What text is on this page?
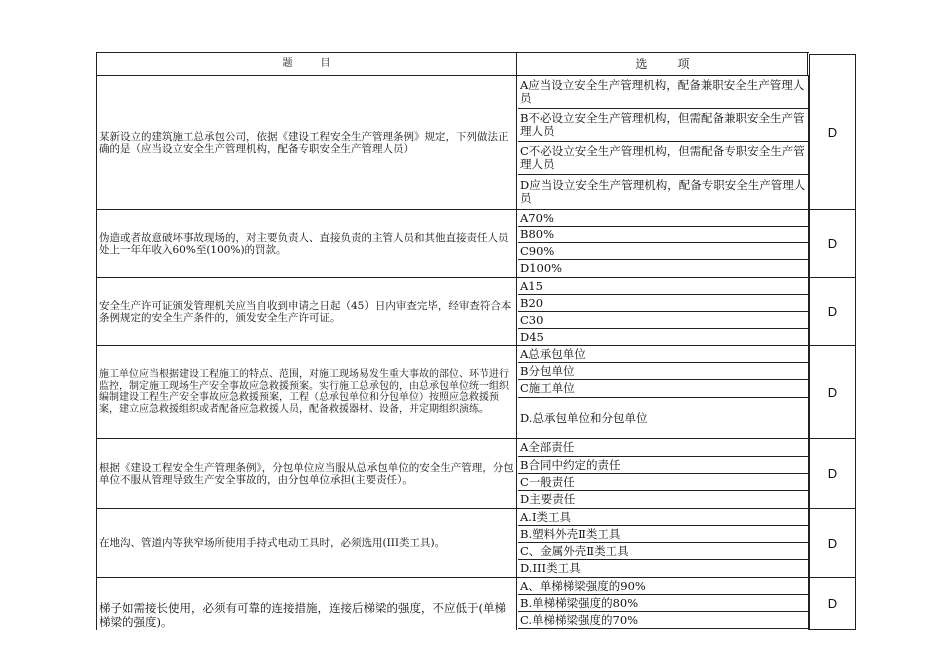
题目	选项
某新设立的建筑施工总承包公司，依据《建设工程安全生产管理条例》规定，下列做法正确的是（应当设立安全生产管理机构，配备专职安全生产管理人员）
A应当设立安全生产管理机构，配备兼职安全生产管理人员
B不必设立安全生产管理机构，但需配备兼职安全生产管理人员
C不必设立安全生产管理机构，但需配备专职安全生产管理人员
D应当设立安全生产管理机构，配备专职安全生产管理人员
D
伪造或者故意破坏事故现场的，对主要负责人、直接负责的主管人员和其他直接责任人员处上一年年收入60%至(100%)的罚款。
A70%
B80%
C90%
D100%
D
安全生产许可证颁发管理机关应当自收到申请之日起（45）日内审查完毕，经审查符合本条例规定的安全生产条件的，颁发安全生产许可证。
A15
B20
C30
D45
D
施工单位应当根据建设工程施工的特点、范围，对施工现场易发生重大事故的部位、环节进行监控，制定施工现场生产安全事故应急救援预案。实行施工总承包的，由总承包单位统一组织编制建设工程生产安全事故应急救援预案，工程（总承包单位和分包单位）按照应急救援预案，建立应急救援组织或者配备应急救援人员，配备救援器材、设备，并定期组织演练。
A总承包单位
B分包单位
C施工单位
D.总承包单位和分包单位
D
根据《建设工程安全生产管理条例》，分包单位应当服从总承包单位的安全生产管理，分包单位不服从管理导致生产安全事故的，由分包单位承担(主要责任）。
A全部责任
B合同中约定的责任
C一般责任
D主要责任
D
在地沟、管道内等狭窄场所使用手持式电动工具时，必须选用(III类工具)。
A.I类工具
B.塑料外壳Ⅱ类工具
C、金属外壳Ⅱ类工具
D.III类工具
D
梯子如需接长使用，必须有可靠的连接措施，连接后梯梁的强度，不应低于(单梯梯梁的强度)。
A、单梯梯梁强度的90%
B.单梯梯梁强度的80%
C.单梯梯梁强度的70%
D
